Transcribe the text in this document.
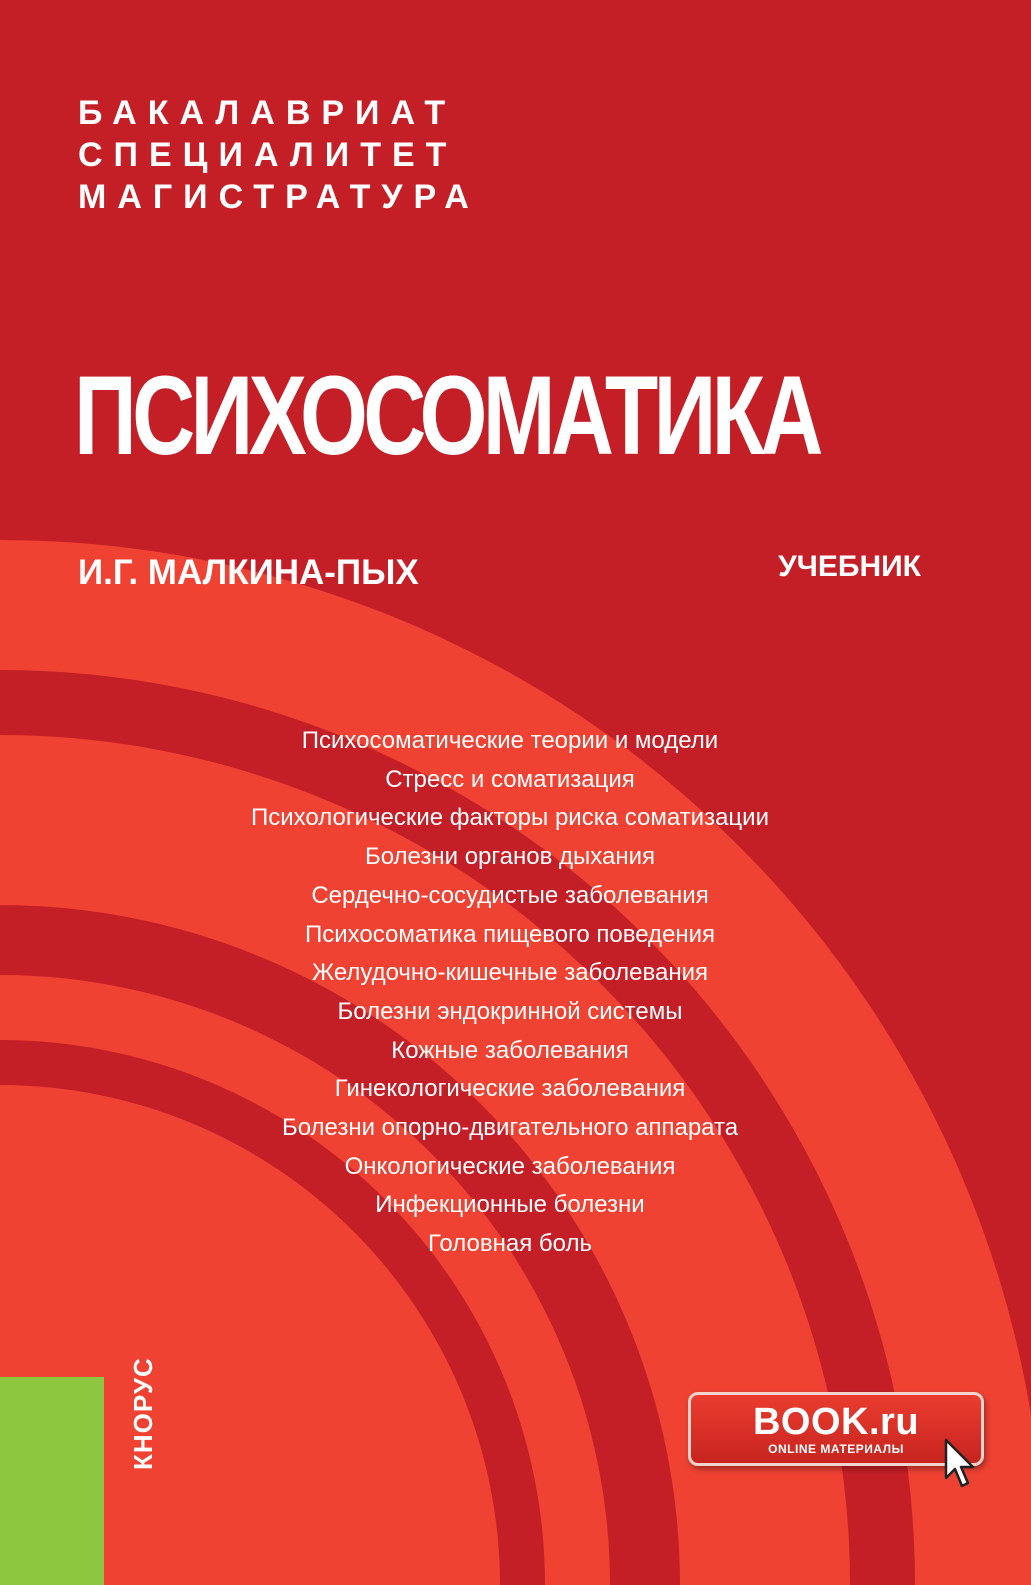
БАКАЛАВРИАТ
СПЕЦИАЛИТЕТ
МАГИСТРАТУРА
ПСИХОСОМАТИКА
И.Г. МАЛКИНА-ПЫХ	УЧЕБНИК
Психосоматические теории и модели
Стресс и соматизация
Психологические факторы риска соматизации
Болезни органов дыхания
Сердечно-сосудистые заболевания
Психосоматика пищевого поведения
Желудочно-кишечные заболевания
Болезни эндокринной системы
Кожные заболевания
Гинекологические заболевания
Болезни опорно-двигательного аппарата
Онкологические заболевания
Инфекционные болезни
Головная боль
КНОРУС	BOOK.ru
ONLINE МАТЕРИАЛЫ
